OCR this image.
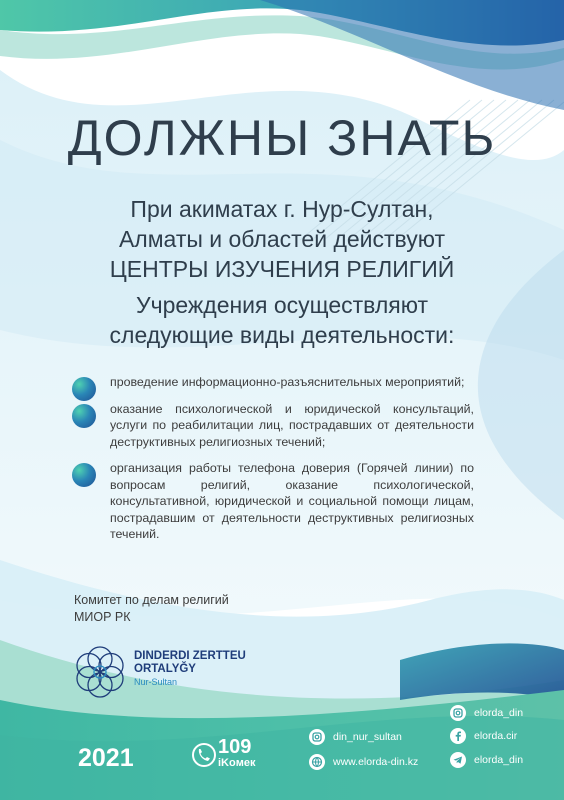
ДОЛЖНЫ ЗНАТЬ
При акиматах г. Нур-Султан,
Алматы и областей действуют
ЦЕНТРЫ ИЗУЧЕНИЯ РЕЛИГИЙ
Учреждения осуществляют
следующие виды деятельности:
проведение информационно-разъяснительных мероприятий;
оказание психологической и юридической консультаций, услуги по реабилитации лиц, пострадавших от деятельности деструктивных религиозных течений;
организация работы телефона доверия (Горячей линии) по вопросам религий, оказание психологической, консультативной, юридической и социальной помощи лицам, пострадавшим от деятельности деструктивных религиозных течений.
Комитет по делам религий
МИОР РК
DINDERDI ZERTTEU
ORTALYĞY
Nur-Sultan
2021	109
iKoмек
din_nur_sultan
www.elorda-din.kz
elorda_din
elorda.cir
elorda_din
